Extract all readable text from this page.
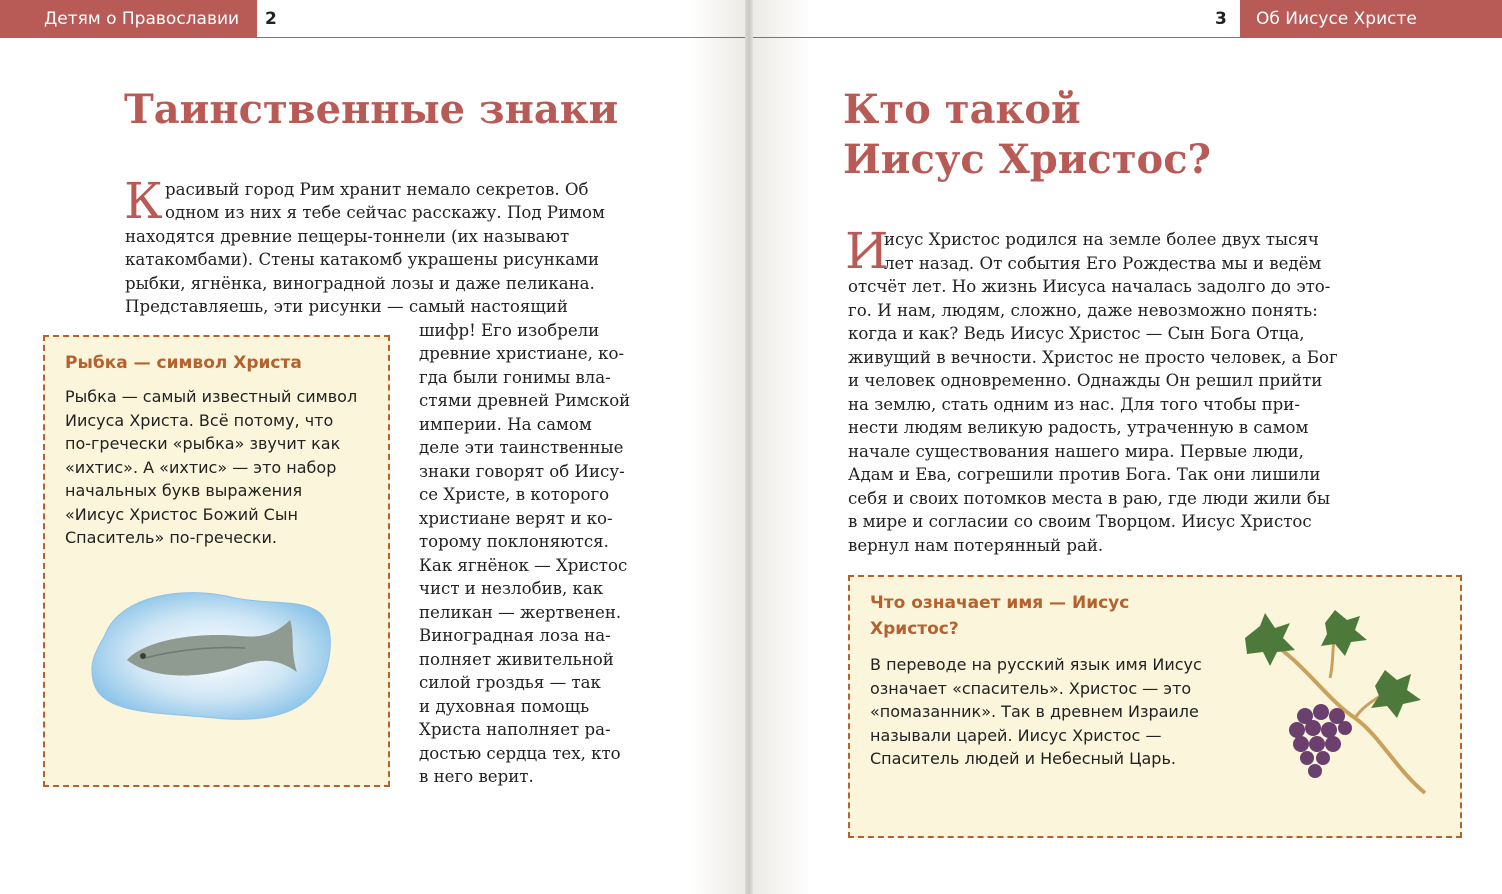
Детям о Православии	2
Таинственные знаки
К расивый город Рим хранит немало секретов. Об

одном из них я тебе сейчас расскажу. Под Римом

находятся древние пещеры-тоннели (их называют

катакомбами). Стены катакомб украшены рисунками

рыбки, ягнёнка, виноградной лозы и даже пеликана.

Представляешь, эти рисунки — самый настоящий

шифр! Его изобрели

древние христиане, ко-

гда были гонимы вла-

стями древней Римской

империи. На самом

деле эти таинственные

знаки говорят об Иису-

се Христе, в которого

христиане верят и ко-

торому поклоняются.

Как ягнёнок — Христос

чист и незлобив, как

пеликан — жертвенен.

Виноградная лоза на-

полняет живительной

силой гроздья — так

и духовная помощь

Христа наполняет ра-

достью сердца тех, кто

в него верит.

Рыбка — символ Христа

Рыбка — самый известный символ

Иисуса Христа. Всё потому, что

по-гречески «рыбка» звучит как

«ихтис». А «ихтис» — это набор

начальных букв выражения

«Иисус Христос Божий Сын

Спаситель» по-гречески.

3	Об Иисусе Христе
Кто такой
Иисус Христос?
И

исус Христос родился на земле более двух тысяч

лет назад. От события Его Рождества мы и ведём

отсчёт лет. Но жизнь Иисуса началась задолго до это-

го. И нам, людям, сложно, даже невозможно понять:

когда и как? Ведь Иисус Христос — Сын Бога Отца,

живущий в вечности. Христос не просто человек, а Бог

и человек одновременно. Однажды Он решил прийти

на землю, стать одним из нас. Для того чтобы при-

нести людям великую радость, утраченную в самом

начале существования нашего мира. Первые люди,

Адам и Ева, согрешили против Бога. Так они лишили

себя и своих потомков места в раю, где люди жили бы

в мире и согласии со своим Творцом. Иисус Христос

вернул нам потерянный рай.

Что означает имя — Иисус

Христос?

В переводе на русский язык имя Иисус

означает «спаситель». Христос — это

«помазанник». Так в древнем Израиле

называли царей. Иисус Христос —

Спаситель людей и Небесный Царь.
